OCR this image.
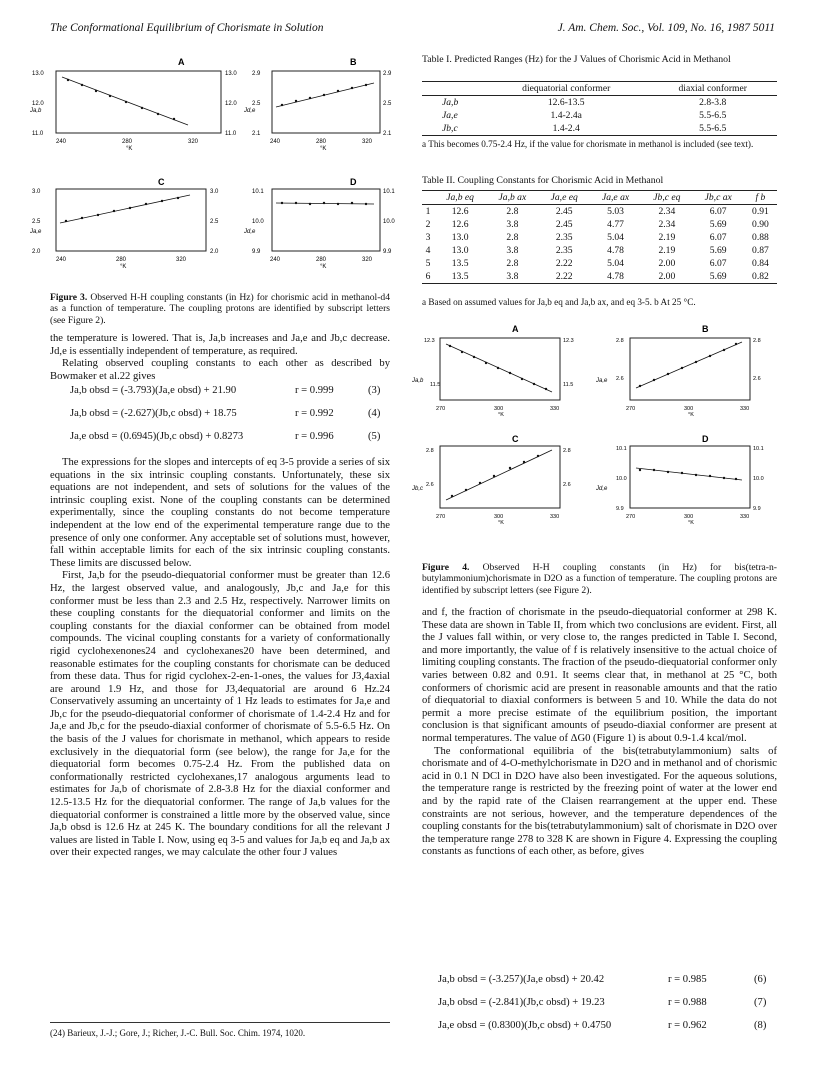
The Conformational Equilibrium of Chorismate in Solution	J. Am. Chem. Soc., Vol. 109, No. 16, 1987 5011
A
13.0
12.0
11.0
13.0
12.0
11.0
Ja,b
240	280	320
°K
B
2.9
2.5
2.1
2.9
2.5
2.1
Jd,e
240	280	320
°K
C
3.0
2.5
2.0
3.0
2.5
2.0
Ja,e
240	280	320
°K
D
10.1
10.0
9.9
10.1
10.0
9.9
Jd,e
240	280	320
°K
Figure 3. Observed H-H coupling constants (in Hz) for chorismic acid in methanol-d4 as a function of temperature. The coupling protons are identified by subscript letters (see Figure 2).

the temperature is lowered. That is, Ja,b increases and Ja,e and Jb,c decrease. Jd,e is essentially independent of temperature, as required.

Relating observed coupling constants to each other as described by Bowmaker et al.22 gives

Ja,b obsd = (-3.793)(Ja,e obsd) + 21.90	r = 0.999	(3)
Ja,b obsd = (-2.627)(Jb,c obsd) + 18.75	r = 0.992	(4)
Ja,e obsd = (0.6945)(Jb,c obsd) + 0.8273	r = 0.996	(5)

The expressions for the slopes and intercepts of eq 3-5 provide a series of six equations in the six intrinsic coupling constants. Unfortunately, these six equations are not independent, and sets of solutions for the values of the intrinsic coupling exist. None of the coupling constants can be determined experimentally, since the coupling constants do not become temperature independent at the low end of the experimental temperature range due to the presence of only one conformer. Any acceptable set of solutions must, however, fall within acceptable limits for each of the six intrinsic coupling constants. These limits are discussed below.

First, Ja,b for the pseudo-diequatorial conformer must be greater than 12.6 Hz, the largest observed value, and analogously, Jb,c and Ja,e for this conformer must be less than 2.3 and 2.5 Hz, respectively. Narrower limits on these coupling constants for the diequatorial conformer and limits on the coupling constants for the diaxial conformer can be obtained from model compounds. The vicinal coupling constants for a variety of conformationally rigid cyclohexenones24 and cyclohexanes20 have been determined, and reasonable estimates for the coupling constants for chorismate can be deduced from these data. Thus for rigid cyclohex-2-en-1-ones, the values for J3,4axial are around 1.9 Hz, and those for J3,4equatorial are around 6 Hz.24 Conservatively assuming an uncertainty of 1 Hz leads to estimates for Ja,e and Jb,c for the pseudo-diequatorial conformer of chorismate of 1.4-2.4 Hz and for Ja,e and Jb,c for the pseudo-diaxial conformer of chorismate of 5.5-6.5 Hz. On the basis of the J values for chorismate in methanol, which appears to reside exclusively in the diequatorial form (see below), the range for Ja,e for the diequatorial form becomes 0.75-2.4 Hz. From the published data on conformationally restricted cyclohexanes,17 analogous arguments lead to estimates for Ja,b of chorismate of 2.8-3.8 Hz for the diaxial conformer and 12.5-13.5 Hz for the diequatorial conformer. The range of Ja,b values for the diequatorial conformer is constrained a little more by the observed value, since Ja,b obsd is 12.6 Hz at 245 K. The boundary conditions for all the relevant J values are listed in Table I. Now, using eq 3-5 and values for Ja,b eq and Ja,b ax over their expected ranges, we may calculate the other four J values

(24) Barieux, J.-J.; Gore, J.; Richer, J.-C. Bull. Soc. Chim. 1974, 1020.
Table I. Predicted Ranges (Hz) for the J Values of Chorismic Acid in Methanol
	diequatorial conformer	diaxial conformer
Ja,b	12.6-13.5	2.8-3.8
Ja,e	1.4-2.4a	5.5-6.5
Jb,c	1.4-2.4	5.5-6.5
a This becomes 0.75-2.4 Hz, if the value for chorismate in methanol is included (see text).
Table II. Coupling Constants for Chorismic Acid in Methanol
	Ja,b eq	Ja,b ax	Ja,e eq	Ja,e ax	Jb,c eq	Jb,c ax	f b
1	12.6	2.8	2.45	5.03	2.34	6.07	0.91
2	12.6	3.8	2.45	4.77	2.34	5.69	0.90
3	13.0	2.8	2.35	5.04	2.19	6.07	0.88
4	13.0	3.8	2.35	4.78	2.19	5.69	0.87
5	13.5	2.8	2.22	5.04	2.00	6.07	0.84
6	13.5	3.8	2.22	4.78	2.00	5.69	0.82
a Based on assumed values for Ja,b eq and Ja,b ax, and eq 3-5. b At 25 °C.
A
12.3
11.5
12.3
11.5
Ja,b
270	300	330
°K
B
2.8
2.6
2.8
2.6
Ja,e
270	300	330
°K
C
2.8
2.6
2.8
2.6
Jb,c
270	300	330
°K
D
10.1
10.0
9.9
10.1
10.0
9.9
Jd,e
270	300	330
°K
Figure 4. Observed H-H coupling constants (in Hz) for bis(tetra-n-butylammonium)chorismate in D2O as a function of temperature. The coupling protons are identified by subscript letters (see Figure 2).

and f, the fraction of chorismate in the pseudo-diequatorial conformer at 298 K. These data are shown in Table II, from which two conclusions are evident. First, all the J values fall within, or very close to, the ranges predicted in Table I. Second, and more importantly, the value of f is relatively insensitive to the actual choice of limiting coupling constants. The fraction of the pseudo-diequatorial conformer only varies between 0.82 and 0.91. It seems clear that, in methanol at 25 °C, both conformers of chorismic acid are present in reasonable amounts and that the ratio of diequatorial to diaxial conformers is between 5 and 10. While the data do not permit a more precise estimate of the equilibrium position, the important conclusion is that significant amounts of pseudo-diaxial conformer are present at normal temperatures. The value of ΔG0 (Figure 1) is about 0.9-1.4 kcal/mol.

The conformational equilibria of the bis(tetrabutylammonium) salts of chorismate and of 4-O-methylchorismate in D2O and in methanol and of chorismic acid in 0.1 N DCl in D2O have also been investigated. For the aqueous solutions, the temperature range is restricted by the freezing point of water at the lower end and by the rapid rate of the Claisen rearrangement at the upper end. These constraints are not serious, however, and the temperature dependences of the coupling constants for the bis(tetrabutylammonium) salt of chorismate in D2O over the temperature range 278 to 328 K are shown in Figure 4. Expressing the coupling constants as functions of each other, as before, gives

Ja,b obsd = (-3.257)(Ja,e obsd) + 20.42	r = 0.985	(6)
Ja,b obsd = (-2.841)(Jb,c obsd) + 19.23	r = 0.988	(7)
Ja,e obsd = (0.8300)(Jb,c obsd) + 0.4750	r = 0.962	(8)
